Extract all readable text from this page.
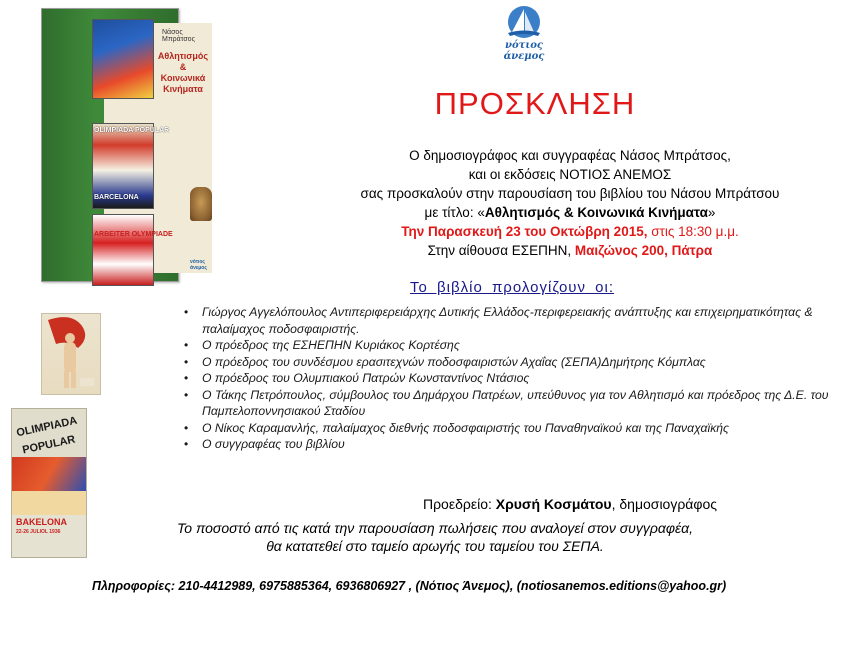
OLIMPIADA POPULAR
BARCELONA
ARBEITER OLYMPIADE
Νάσος Μπράτσος
Αθλητισμός
&
Κοινωνικά Κινήματα
νότιος άνεμος
νότιος
άνεμος
ΠΡΟΣΚΛΗΣΗ
Ο δημοσιογράφος και συγγραφέας Νάσος Μπράτσος,
και οι εκδόσεις ΝΟΤΙΟΣ ΑΝΕΜΟΣ
σας προσκαλούν στην παρουσίαση του βιβλίου του Νάσου Μπράτσου
με τίτλο: «Αθλητισμός & Κοινωνικά Κινήματα»
Την Παρασκευή 23 του Οκτώβρη 2015, στις 18:30 μ.μ.
Στην αίθουσα ΕΣΕΠΗΝ, Μαιζώνος 200, Πάτρα
Το βιβλίο προλογίζουν οι:
OLIMPIADA
POPULAR
BAKELONA
22-26 JULIOL 1936
• Γιώργος Αγγελόπουλος Αντιπεριφερειάρχης Δυτικής Ελλάδος-περιφερειακής ανάπτυξης και επιχειρηματικότητας & παλαίμαχος ποδοσφαιριστής.
• Ο πρόεδρος της ΕΣΗΕΠΗΝ Κυριάκος Κορτέσης
• Ο πρόεδρος του συνδέσμου ερασιτεχνών ποδοσφαιριστών Αχαΐας (ΣΕΠΑ)Δημήτρης Κόμπλας
• Ο πρόεδρος του Ολυμπιακού Πατρών Κωνσταντίνος Ντάσιος
• Ο Τάκης Πετρόπουλος, σύμβουλος του Δημάρχου Πατρέων, υπεύθυνος για τον Αθλητισμό και πρόεδρος της Δ.Ε. του Παμπελοποννησιακού Σταδίου
• Ο Νίκος Καραμανλής, παλαίμαχος διεθνής ποδοσφαιριστής του Παναθηναϊκού και της Παναχαϊκής
• Ο συγγραφέας του βιβλίου
Προεδρείο: Χρυσή Κοσμάτου, δημοσιογράφος
Το ποσοστό από τις κατά την παρουσίαση πωλήσεις που αναλογεί στον συγγραφέα,
θα κατατεθεί στο ταμείο αρωγής του ταμείου του ΣΕΠΑ.
Πληροφορίες: 210-4412989, 6975885364, 6936806927 , (Νότιος Άνεμος), (notiosanemos.editions@yahoo.gr)
